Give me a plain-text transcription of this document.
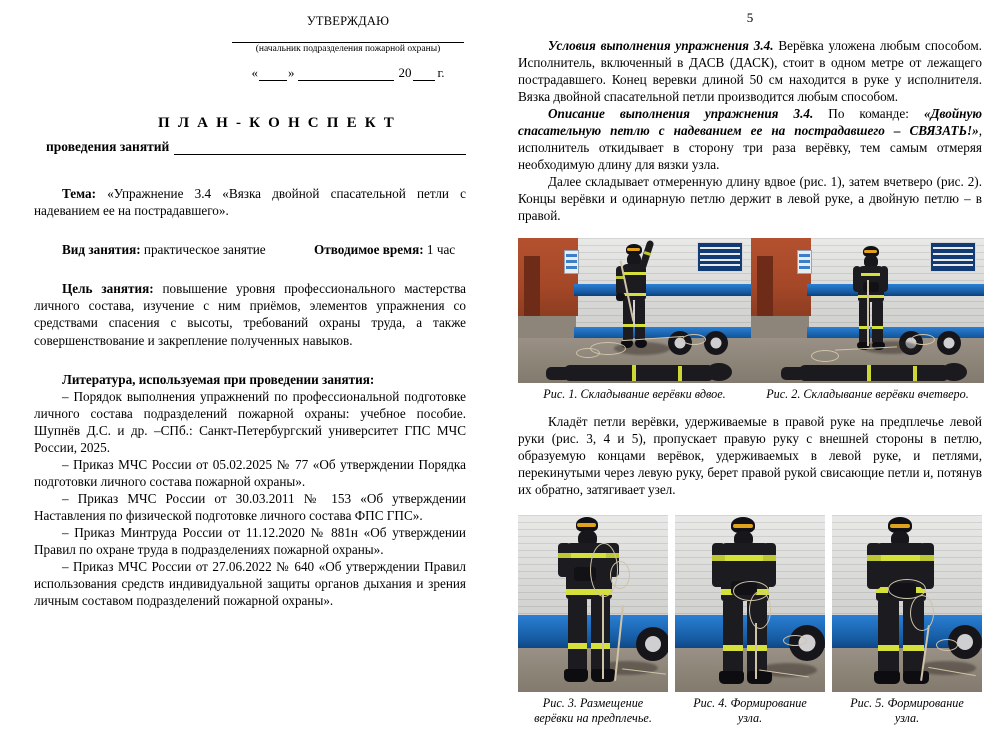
УТВЕРЖДАЮ
(начальник подразделения пожарной охраны)
« »	20 г.
П Л А Н - К О Н С П Е К Т
проведения занятий

Тема: «Упражнение 3.4 «Вязка двойной спасательной петли с надеванием ее на пострадавшего».

Вид занятия: практическое занятие	Отводимое время: 1 час

Цель занятия: повышение уровня профессионального мастерства личного состава, изучение с ним приёмов, элементов упражнения со средствами спасения с высоты, требований охраны труда, а также совершенствование и закрепление полученных навыков.

Литература, используемая при проведении занятия:

– Порядок выполнения упражнений по профессиональной подготовке личного состава подразделений пожарной охраны: учебное пособие. Шупнёв Д.С. и др. –СПб.: Санкт-Петербургский университет ГПС МЧС России, 2025.

– Приказ МЧС России от 05.02.2025 № 77 «Об утверждении Порядка подготовки личного состава пожарной охраны».

– Приказ МЧС России от 30.03.2011 № 153 «Об утверждении Наставления по физической подготовке личного состава ФПС ГПС».

– Приказ Минтруда России от 11.12.2020 № 881н «Об утверждении Правил по охране труда в подразделениях пожарной охраны».

– Приказ МЧС России от 27.06.2022 № 640 «Об утверждении Правил использования средств индивидуальной защиты органов дыхания и зрения личным составом подразделений пожарной охраны».

5

Условия выполнения упражнения 3.4. Верёвка уложена любым способом. Исполнитель, включенный в ДАСВ (ДАСК), стоит в одном метре от лежащего пострадавшего. Конец веревки длиной 50 см находится в руке у исполнителя. Вязка двойной спасательной петли производится любым способом.

Описание выполнения упражнения 3.4. По команде: «Двойную спасательную петлю с надеванием ее на пострадавшего – СВЯЗАТЬ!», исполнитель откидывает в сторону три раза верёвку, тем самым отмеряя необходимую длину для вязки узла.

Далее складывает отмеренную длину вдвое (рис. 1), затем вчетверо (рис. 2). Концы верёвки и одинарную петлю держит в левой руке, а двойную петлю – в правой.

Рис. 1. Складывание верёвки вдвое.	Рис. 2. Складывание верёвки вчетверо.

Кладёт петли верёвки, удерживаемые в правой руке на предплечье левой руки (рис. 3, 4 и 5), пропускает правую руку с внешней стороны в петлю, образуемую концами верёвок, удерживаемых в левой руке, и петлями, перекинутыми через левую руку, берет правой рукой свисающие петли и, потянув их обратно, затягивает узел.

Рис. 3. Размещение
верёвки на предплечье.
Рис. 4. Формирование
узла.
Рис. 5. Формирование
узла.
